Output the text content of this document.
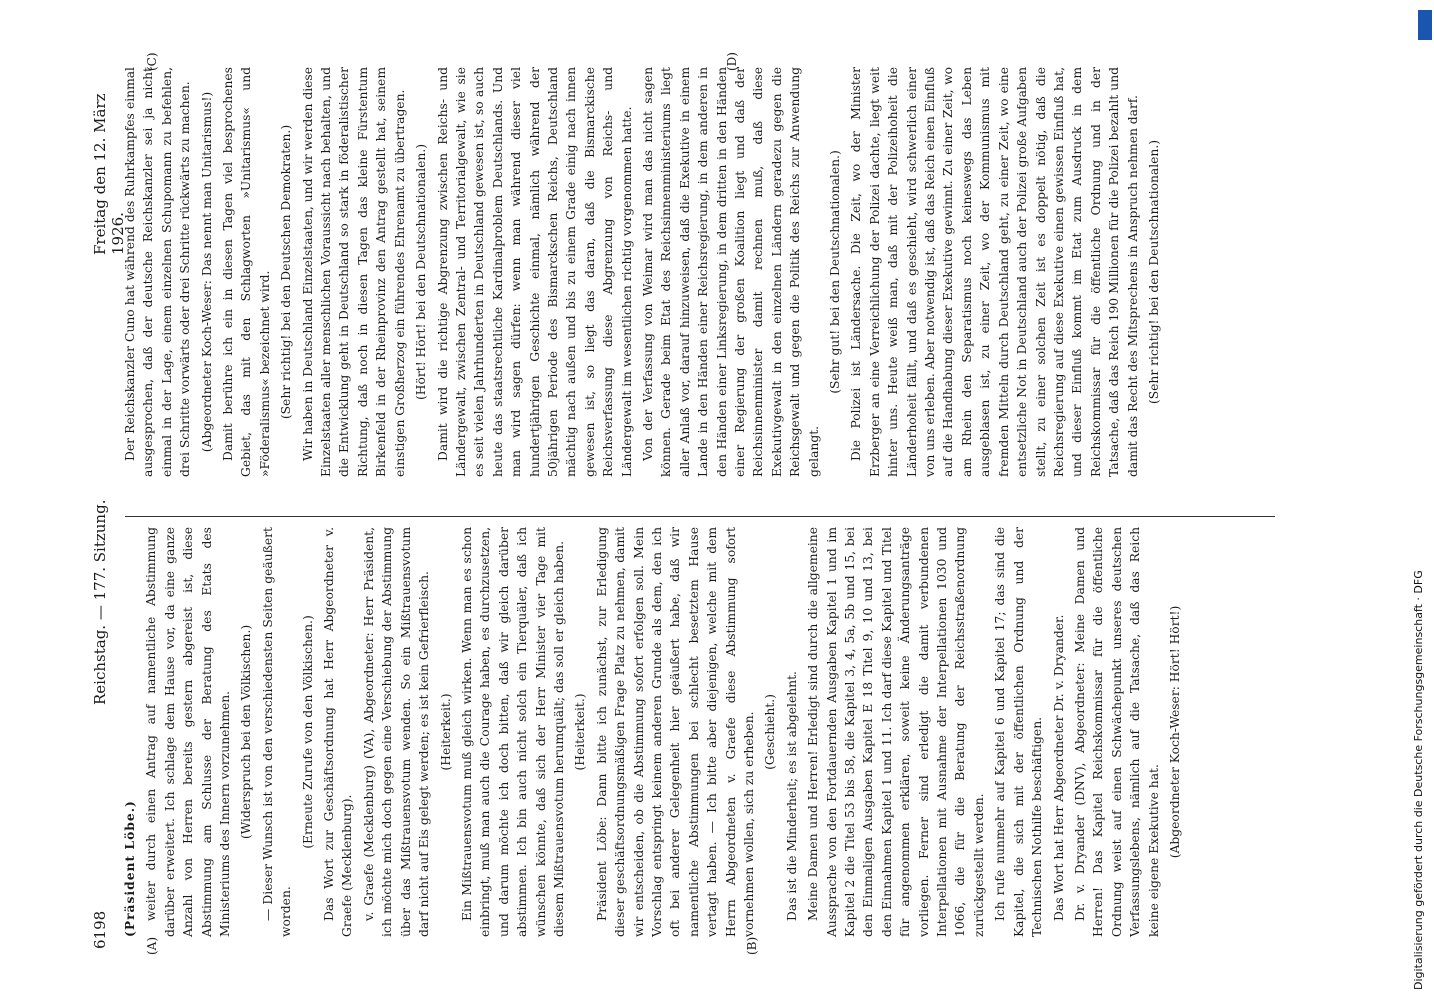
Digitalisierung gefördert durch die Deutsche Forschungsgemeinschaft · DFG
6198
Reichstag. — 177. Sitzung.
Freitag den 12. März 1926.
(A)	(B)

(Präsident Löbe.) weiter durch einen Antrag auf namentliche Abstimmung darüber erweitert. Ich schlage dem Hause vor, da eine ganze Anzahl von Herren bereits gestern abgereist ist, diese Abstimmung am Schlusse der Beratung des Etats des Ministeriums des Innern vorzunehmen. (Widerspruch bei den Völkischen.) — Dieser Wunsch ist von den verschiedensten Seiten geäußert worden.

(Erneute Zurufe von den Völkischen.) Das Wort zur Geschäftsordnung hat Herr Abgeordneter v. Graefe (Mecklenburg). v. Graefe (Mecklenburg) (VA), Abgeordneter: Herr Präsident, ich möchte mich doch gegen eine Verschiebung der Abstimmung über das Mißtrauensvotum wenden. So ein Mißtrauensvotum darf nicht auf Eis gelegt werden; es ist kein Gefrierfleisch. (Heiterkeit.) Ein Mißtrauensvotum muß gleich wirken. Wenn man es schon einbringt, muß man auch die Courage haben, es durchzusetzen, und darum möchte ich doch bitten, daß wir gleich darüber abstimmen. Ich bin auch nicht solch ein Tierquäler, daß ich wünschen könnte, daß sich der Herr Minister vier Tage mit diesem Mißtrauensvotum herumquält; das soll er gleich haben. (Heiterkeit.) Präsident Löbe: Dann bitte ich zunächst, zur Erledigung dieser geschäftsordnungsmäßigen Frage Platz zu nehmen, damit wir entscheiden, ob die Abstimmung sofort erfolgen soll. Mein Vorschlag entspringt keinem anderen Grunde als dem, den ich oft bei anderer Gelegenheit hier geäußert habe, daß wir namentliche Abstimmungen bei schlecht besetztem Hause vertagt haben. — Ich bitte aber diejenigen, welche mit dem Herrn Abgeordneten v. Graefe diese Abstimmung sofort vornehmen wollen, sich zu erheben. (Geschieht.) Das ist die Minderheit; es ist abgelehnt. Meine Damen und Herren! Erledigt sind durch die allgemeine Aussprache von den Fortdauernden Ausgaben Kapitel 1 und im Kapitel 2 die Titel 53 bis 58, die Kapitel 3, 4, 5a, 5b und 15, bei den Einmaligen Ausgaben Kapitel E 18 Titel 9, 10 und 13, bei den Einnahmen Kapitel 1 und 11. Ich darf diese Kapitel und Titel für angenommen erklären, soweit keine Änderungsanträge vorliegen. Ferner sind erledigt die damit verbundenen Interpellationen mit Ausnahme der Interpellationen 1030 und 1066, die für die Beratung der Reichsstraßenordnung zurückgestellt werden. Ich rufe nunmehr auf Kapitel 6 und Kapitel 17; das sind die Kapitel, die sich mit der öffentlichen Ordnung und der Technischen Nothilfe beschäftigen. Das Wort hat Herr Abgeordneter Dr. v. Dryander. Dr. v. Dryander (DNV), Abgeordneter: Meine Damen und Herren! Das Kapitel Reichskommissar für die öffentliche Ordnung weist auf einen Schwächepunkt unseres deutschen Verfassungslebens, nämlich auf die Tatsache, daß das Reich keine eigene Exekutive hat. (Abgeordneter Koch-Weser: Hört! Hört!)

(C)	(D)

Der Reichskanzler Cuno hat während des Ruhrkampfes einmal ausgesprochen, daß der deutsche Reichskanzler sei ja nicht einmal in der Lage, einem einzelnen Schupomann zu befehlen, drei Schritte vorwärts oder drei Schritte rückwärts zu machen. (Abgeordneter Koch-Weser: Das nennt man Unitarismus!) Damit berühre ich ein in diesen Tagen viel besprochenes Gebiet, das mit den Schlagworten »Unitarismus« und »Föderalismus« bezeichnet wird. (Sehr richtig! bei den Deutschen Demokraten.) Wir haben in Deutschland Einzelstaaten, und wir werden diese Einzelstaaten aller menschlichen Voraussicht nach behalten, und die Entwicklung geht in Deutschland so stark in föderalistischer Richtung, daß noch in diesen Tagen das kleine Fürstentum Birkenfeld in der Rheinprovinz den Antrag gestellt hat, seinem einstigen Großherzog ein führendes Ehrenamt zu übertragen. (Hört! Hört! bei den Deutschnationalen.) Damit wird die richtige Abgrenzung zwischen Reichs- und Ländergewalt, zwischen Zentral- und Territorialgewalt, wie sie es seit vielen Jahrhunderten in Deutschland gewesen ist, so auch heute das staatsrechtliche Kardinalproblem Deutschlands. Und man wird sagen dürfen: wenn man während dieser viel hundertjährigen Geschichte einmal, nämlich während der 50jährigen Periode des Bismarckschen Reichs, Deutschland mächtig nach außen und bis zu einem Grade einig nach innen gewesen ist, so liegt das daran, daß die Bismarckische Reichsverfassung diese Abgrenzung von Reichs- und Ländergewalt im wesentlichen richtig vorgenommen hatte. Von der Verfassung von Weimar wird man das nicht sagen können. Gerade beim Etat des Reichsinnenministeriums liegt aller Anlaß vor, darauf hinzuweisen, daß die Exekutive in einem Lande in den Händen einer Reichsregierung, in dem anderen in den Händen einer Linksregierung, in dem dritten in den Händen einer Regierung der großen Koalition liegt und daß der Reichsinnenminister damit rechnen muß, daß diese Exekutivgewalt in den einzelnen Ländern geradezu gegen die Reichsgewalt und gegen die Politik des Reichs zur Anwendung gelangt.

(Sehr gut! bei den Deutschnationalen.) Die Polizei ist Ländersache. Die Zeit, wo der Minister Erzberger an eine Verreichlichung der Polizei dachte, liegt weit hinter uns. Heute weiß man, daß mit der Polizeihoheit die Länderhoheit fällt, und daß es geschieht, wird schwerlich einer von uns erleben. Aber notwendig ist, daß das Reich einen Einfluß auf die Handhabung dieser Exekutive gewinnt. Zu einer Zeit, wo am Rhein den Separatismus noch keineswegs das Leben ausgeblasen ist, zu einer Zeit, wo der Kommunismus mit fremden Mitteln durch Deutschland geht, zu einer Zeit, wo eine entsetzliche Not in Deutschland auch der Polizei große Aufgaben stellt, zu einer solchen Zeit ist es doppelt nötig, daß die Reichsregierung auf diese Exekutive einen gewissen Einfluß hat, und dieser Einfluß kommt im Etat zum Ausdruck in dem Reichskommissar für die öffentliche Ordnung und in der Tatsache, daß das Reich 190 Millionen für die Polizei bezahlt und damit das Recht des Mitsprechens in Anspruch nehmen darf. (Sehr richtig! bei den Deutschnationalen.)
